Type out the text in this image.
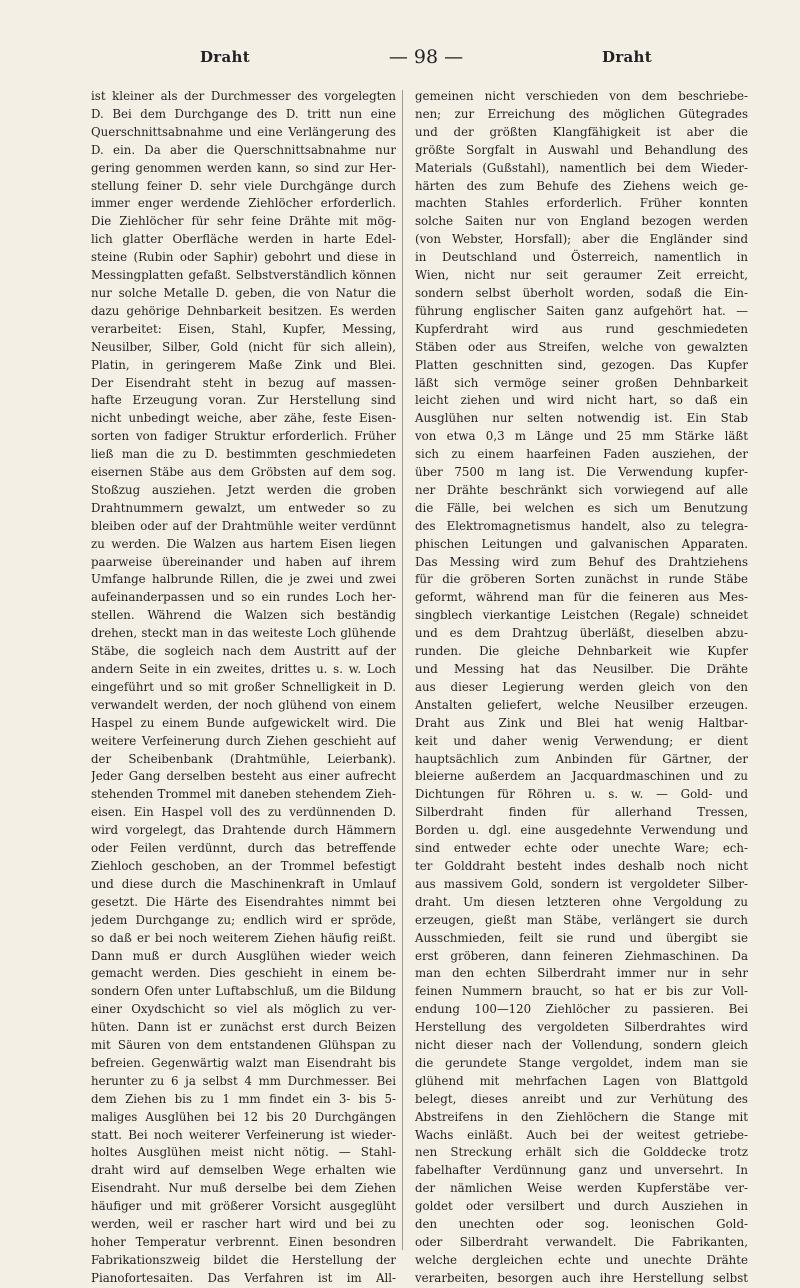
Draht	— 98 —	Draht
ist kleiner als der Durchmesser des vorgelegten
D. Bei dem Durchgange des D. tritt nun eine
Querschnittsabnahme und eine Verlängerung des
D. ein. Da aber die Querschnittsabnahme nur
gering genommen werden kann, so sind zur Her-
stellung feiner D. sehr viele Durchgänge durch
immer enger werdende Ziehlöcher erforderlich.
Die Ziehlöcher für sehr feine Drähte mit mög-
lich glatter Oberfläche werden in harte Edel-
steine (Rubin oder Saphir) gebohrt und diese in
Messingplatten gefaßt. Selbstverständlich können
nur solche Metalle D. geben, die von Natur die
dazu gehörige Dehnbarkeit besitzen. Es werden
verarbeitet: Eisen, Stahl, Kupfer, Messing,
Neusilber, Silber, Gold (nicht für sich allein),
Platin, in geringerem Maße Zink und Blei.
Der Eisendraht steht in bezug auf massen-
hafte Erzeugung voran. Zur Herstellung sind
nicht unbedingt weiche, aber zähe, feste Eisen-
sorten von fadiger Struktur erforderlich. Früher
ließ man die zu D. bestimmten geschmiedeten
eisernen Stäbe aus dem Gröbsten auf dem sog.
Stoßzug ausziehen. Jetzt werden die groben
Drahtnummern gewalzt, um entweder so zu
bleiben oder auf der Drahtmühle weiter verdünnt
zu werden. Die Walzen aus hartem Eisen liegen
paarweise übereinander und haben auf ihrem
Umfange halbrunde Rillen, die je zwei und zwei
aufeinanderpassen und so ein rundes Loch her-
stellen. Während die Walzen sich beständig
drehen, steckt man in das weiteste Loch glühende
Stäbe, die sogleich nach dem Austritt auf der
andern Seite in ein zweites, drittes u. s. w. Loch
eingeführt und so mit großer Schnelligkeit in D.
verwandelt werden, der noch glühend von einem
Haspel zu einem Bunde aufgewickelt wird. Die
weitere Verfeinerung durch Ziehen geschieht auf
der Scheibenbank (Drahtmühle, Leierbank).
Jeder Gang derselben besteht aus einer aufrecht
stehenden Trommel mit daneben stehendem Zieh-
eisen. Ein Haspel voll des zu verdünnenden D.
wird vorgelegt, das Drahtende durch Hämmern
oder Feilen verdünnt, durch das betreffende
Ziehloch geschoben, an der Trommel befestigt
und diese durch die Maschinenkraft in Umlauf
gesetzt. Die Härte des Eisendrahtes nimmt bei
jedem Durchgange zu; endlich wird er spröde,
so daß er bei noch weiterem Ziehen häufig reißt.
Dann muß er durch Ausglühen wieder weich
gemacht werden. Dies geschieht in einem be-
sondern Ofen unter Luftabschluß, um die Bildung
einer Oxydschicht so viel als möglich zu ver-
hüten. Dann ist er zunächst erst durch Beizen
mit Säuren von dem entstandenen Glühspan zu
befreien. Gegenwärtig walzt man Eisendraht bis
herunter zu 6 ja selbst 4 mm Durchmesser. Bei
dem Ziehen bis zu 1 mm findet ein 3- bis 5-
maliges Ausglühen bei 12 bis 20 Durchgängen
statt. Bei noch weiterer Verfeinerung ist wieder-
holtes Ausglühen meist nicht nötig. — Stahl-
draht wird auf demselben Wege erhalten wie
Eisendraht. Nur muß derselbe bei dem Ziehen
häufiger und mit größerer Vorsicht ausgeglüht
werden, weil er rascher hart wird und bei zu
hoher Temperatur verbrennt. Einen besondren
Fabrikationszweig bildet die Herstellung der
Pianofortesaiten. Das Verfahren ist im All-
gemeinen nicht verschieden von dem beschriebe-
nen; zur Erreichung des möglichen Gütegrades
und der größten Klangfähigkeit ist aber die
größte Sorgfalt in Auswahl und Behandlung des
Materials (Gußstahl), namentlich bei dem Wieder-
härten des zum Behufe des Ziehens weich ge-
machten Stahles erforderlich. Früher konnten
solche Saiten nur von England bezogen werden
(von Webster, Horsfall); aber die Engländer sind
in Deutschland und Österreich, namentlich in
Wien, nicht nur seit geraumer Zeit erreicht,
sondern selbst überholt worden, sodaß die Ein-
führung englischer Saiten ganz aufgehört hat. —
Kupferdraht wird aus rund geschmiedeten
Stäben oder aus Streifen, welche von gewalzten
Platten geschnitten sind, gezogen. Das Kupfer
läßt sich vermöge seiner großen Dehnbarkeit
leicht ziehen und wird nicht hart, so daß ein
Ausglühen nur selten notwendig ist. Ein Stab
von etwa 0,3 m Länge und 25 mm Stärke läßt
sich zu einem haarfeinen Faden ausziehen, der
über 7500 m lang ist. Die Verwendung kupfer-
ner Drähte beschränkt sich vorwiegend auf alle
die Fälle, bei welchen es sich um Benutzung
des Elektromagnetismus handelt, also zu telegra-
phischen Leitungen und galvanischen Apparaten.
Das Messing wird zum Behuf des Drahtziehens
für die gröberen Sorten zunächst in runde Stäbe
geformt, während man für die feineren aus Mes-
singblech vierkantige Leistchen (Regale) schneidet
und es dem Drahtzug überläßt, dieselben abzu-
runden. Die gleiche Dehnbarkeit wie Kupfer
und Messing hat das Neusilber. Die Drähte
aus dieser Legierung werden gleich von den
Anstalten geliefert, welche Neusilber erzeugen.
Draht aus Zink und Blei hat wenig Haltbar-
keit und daher wenig Verwendung; er dient
hauptsächlich zum Anbinden für Gärtner, der
bleierne außerdem an Jacquardmaschinen und zu
Dichtungen für Röhren u. s. w. — Gold- und
Silberdraht finden für allerhand Tressen,
Borden u. dgl. eine ausgedehnte Verwendung und
sind entweder echte oder unechte Ware; ech-
ter Golddraht besteht indes deshalb noch nicht
aus massivem Gold, sondern ist vergoldeter Silber-
draht. Um diesen letzteren ohne Vergoldung zu
erzeugen, gießt man Stäbe, verlängert sie durch
Ausschmieden, feilt sie rund und übergibt sie
erst gröberen, dann feineren Ziehmaschinen. Da
man den echten Silberdraht immer nur in sehr
feinen Nummern braucht, so hat er bis zur Voll-
endung 100—120 Ziehlöcher zu passieren. Bei
Herstellung des vergoldeten Silberdrahtes wird
nicht dieser nach der Vollendung, sondern gleich
die gerundete Stange vergoldet, indem man sie
glühend mit mehrfachen Lagen von Blattgold
belegt, dieses anreibt und zur Verhütung des
Abstreifens in den Ziehlöchern die Stange mit
Wachs einläßt. Auch bei der weitest getriebe-
nen Streckung erhält sich die Golddecke trotz
fabelhafter Verdünnung ganz und unversehrt. In
der nämlichen Weise werden Kupferstäbe ver-
goldet oder versilbert und durch Ausziehen in
den unechten oder sog. leonischen Gold-
oder Silberdraht verwandelt. Die Fabrikanten,
welche dergleichen echte und unechte Drähte
verarbeiten, besorgen auch ihre Herstellung selbst
